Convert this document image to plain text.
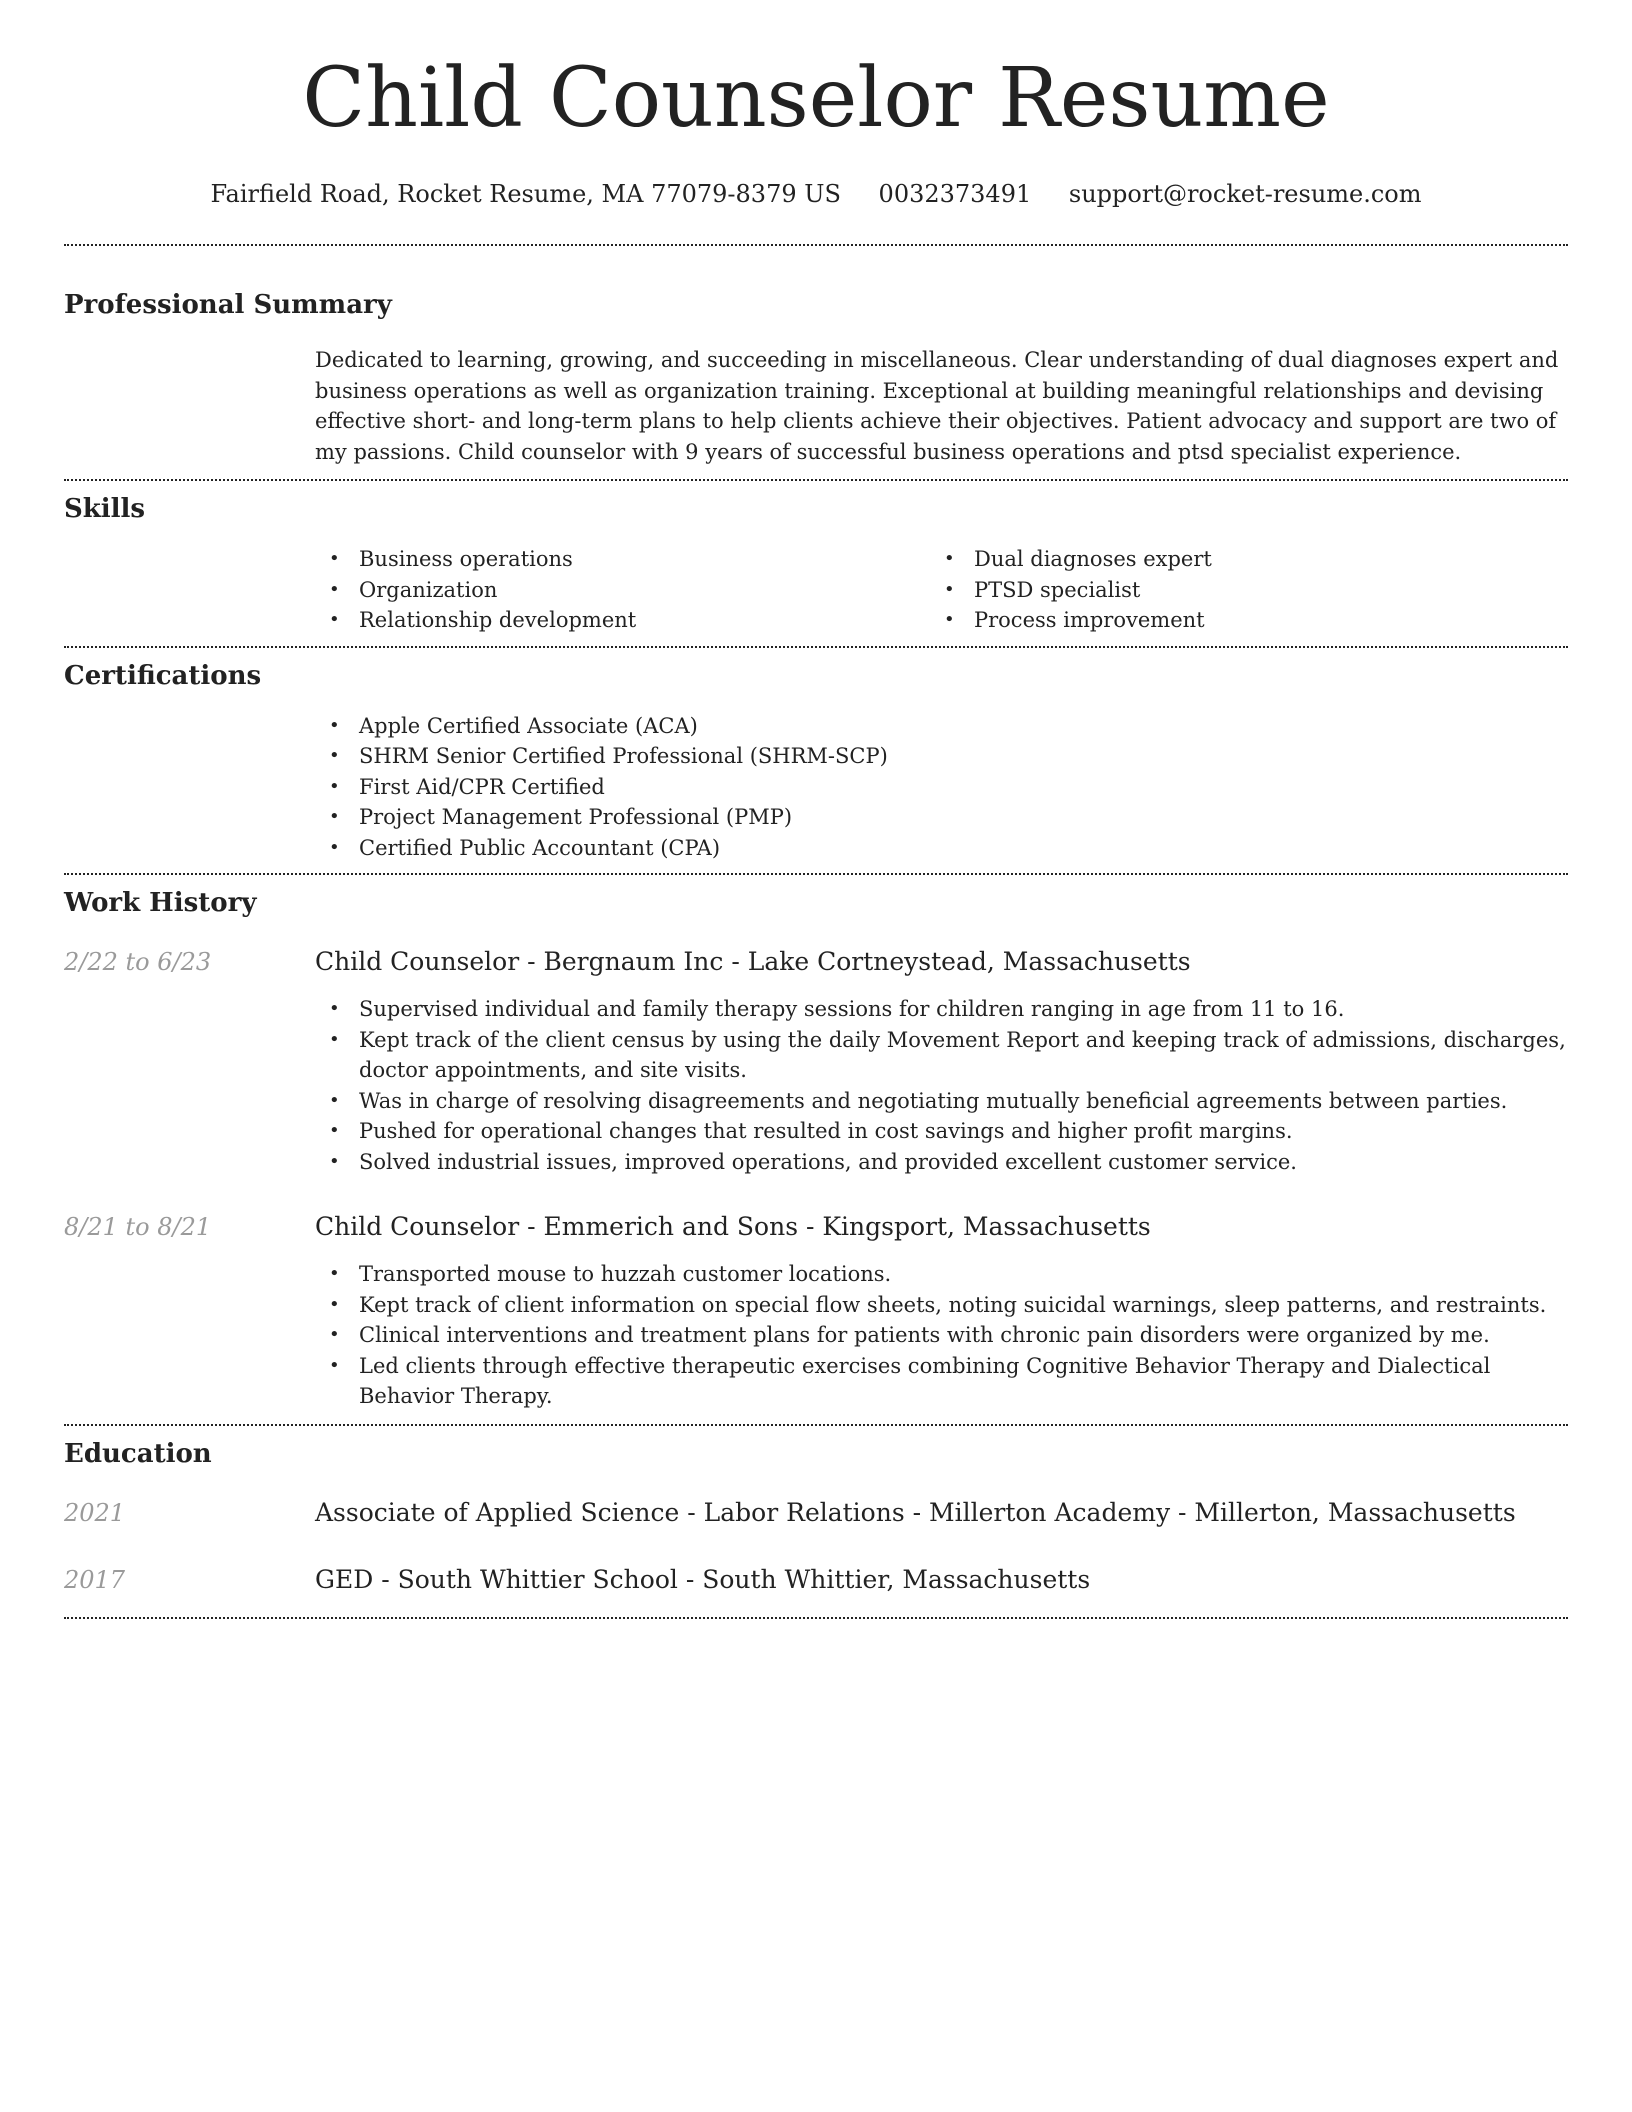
Child Counselor Resume
Fairfield Road, Rocket Resume, MA 77079-8379 US 0032373491 support@rocket-resume.com
Professional Summary

Dedicated to learning, growing, and succeeding in miscellaneous. Clear understanding of dual diagnoses expert and business operations as well as organization training. Exceptional at building meaningful relationships and devising effective short- and long-term plans to help clients achieve their objectives. Patient advocacy and support are two of my passions. Child counselor with 9 years of successful business operations and ptsd specialist experience.

Skills
• Business operations
• Organization
• Relationship development
• Dual diagnoses expert
• PTSD specialist
• Process improvement
Certifications
• Apple Certified Associate (ACA)
• SHRM Senior Certified Professional (SHRM-SCP)
• First Aid/CPR Certified
• Project Management Professional (PMP)
• Certified Public Accountant (CPA)
Work History
2/22 to 6/23	Child Counselor - Bergnaum Inc - Lake Cortneystead, Massachusetts
• Supervised individual and family therapy sessions for children ranging in age from 11 to 16.
• Kept track of the client census by using the daily Movement Report and keeping track of admissions, discharges, doctor appointments, and site visits.
• Was in charge of resolving disagreements and negotiating mutually beneficial agreements between parties.
• Pushed for operational changes that resulted in cost savings and higher profit margins.
• Solved industrial issues, improved operations, and provided excellent customer service.
8/21 to 8/21	Child Counselor - Emmerich and Sons - Kingsport, Massachusetts
• Transported mouse to huzzah customer locations.
• Kept track of client information on special flow sheets, noting suicidal warnings, sleep patterns, and restraints.
• Clinical interventions and treatment plans for patients with chronic pain disorders were organized by me.
• Led clients through effective therapeutic exercises combining Cognitive Behavior Therapy and Dialectical Behavior Therapy.
Education
2021	Associate of Applied Science - Labor Relations - Millerton Academy - Millerton, Massachusetts
2017	GED - South Whittier School - South Whittier, Massachusetts
